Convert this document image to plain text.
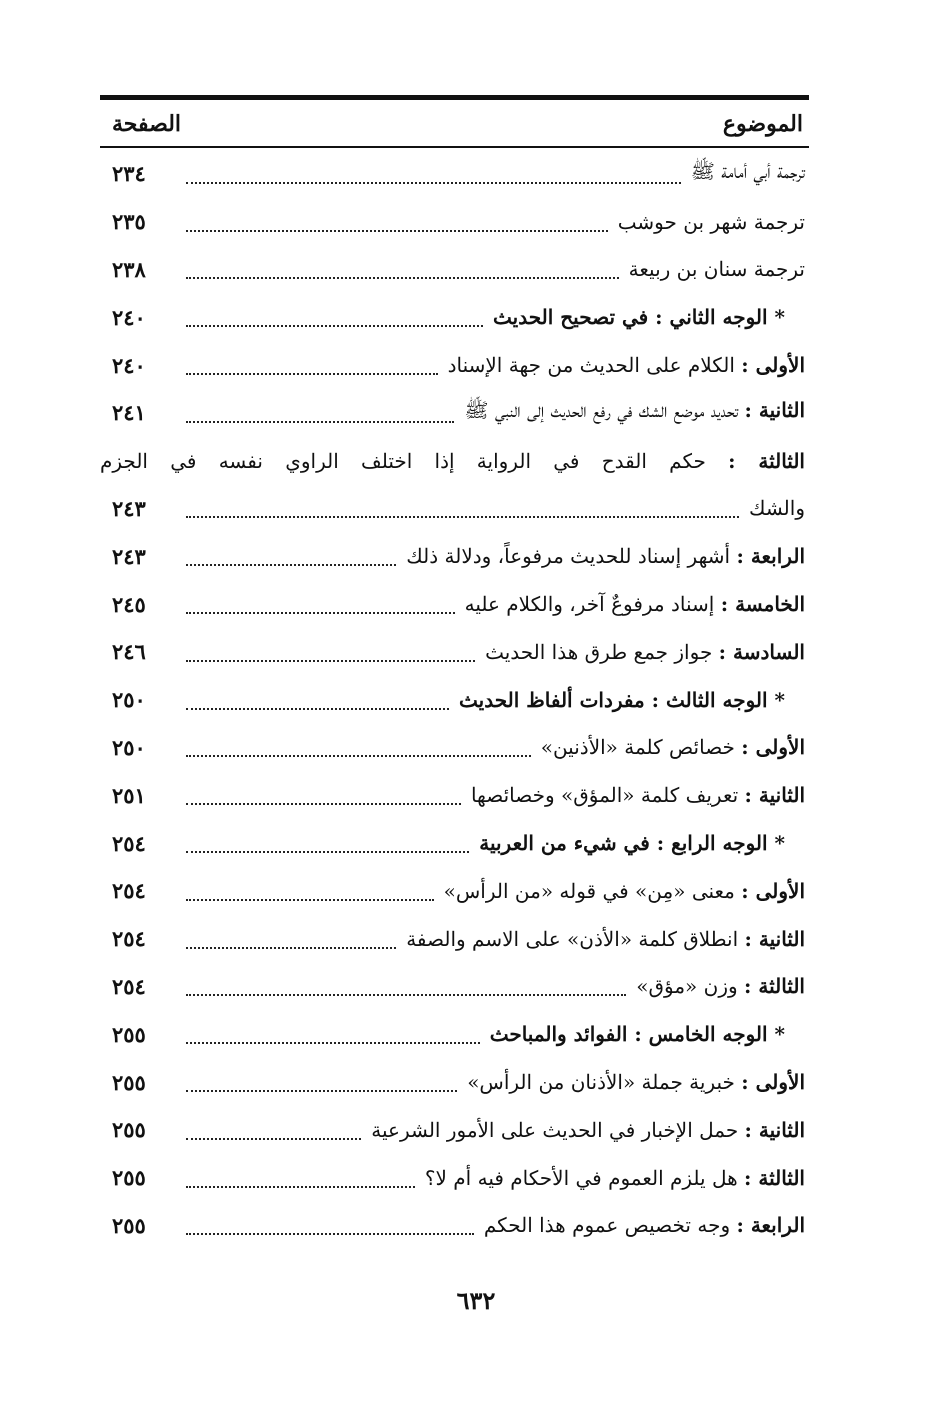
الموضوع
الصفحة
ترجمة أبي أمامة ﷺ
٢٣٤
ترجمة شهر بن حوشب
٢٣٥
ترجمة سنان بن ربيعة
٢٣٨
* الوجه الثاني : في تصحيح الحديث
٢٤٠
الأولى : الكلام على الحديث من جهة الإسناد
٢٤٠
الثانية : تحديد موضع الشك في رفع الحديث إلى النبي ﷺ
٢٤١
الثالثة : حكم القدح في الرواية إذا اختلف الراوي نفسه في الجزم
والشك
٢٤٣
الرابعة : أشهر إسناد للحديث مرفوعاً، ودلالة ذلك
٢٤٣
الخامسة : إسناد مرفوعٌ آخر، والكلام عليه
٢٤٥
السادسة : جواز جمع طرق هذا الحديث
٢٤٦
* الوجه الثالث : مفردات ألفاظ الحديث
٢٥٠
الأولى : خصائص كلمة «الأذنين»
٢٥٠
الثانية : تعريف كلمة «المؤق» وخصائصها
٢٥١
* الوجه الرابع : في شيء من العربية
٢٥٤
الأولى : معنى «مِن» في قوله «من الرأس»
٢٥٤
الثانية : انطلاق كلمة «الأذن» على الاسم والصفة
٢٥٤
الثالثة : وزن «مؤق»
٢٥٤
* الوجه الخامس : الفوائد والمباحث
٢٥٥
الأولى : خبرية جملة «الأذنان من الرأس»
٢٥٥
الثانية : حمل الإخبار في الحديث على الأمور الشرعية
٢٥٥
الثالثة : هل يلزم العموم في الأحكام فيه أم لا؟
٢٥٥
الرابعة : وجه تخصيص عموم هذا الحكم
٢٥٥
٦٣٢
